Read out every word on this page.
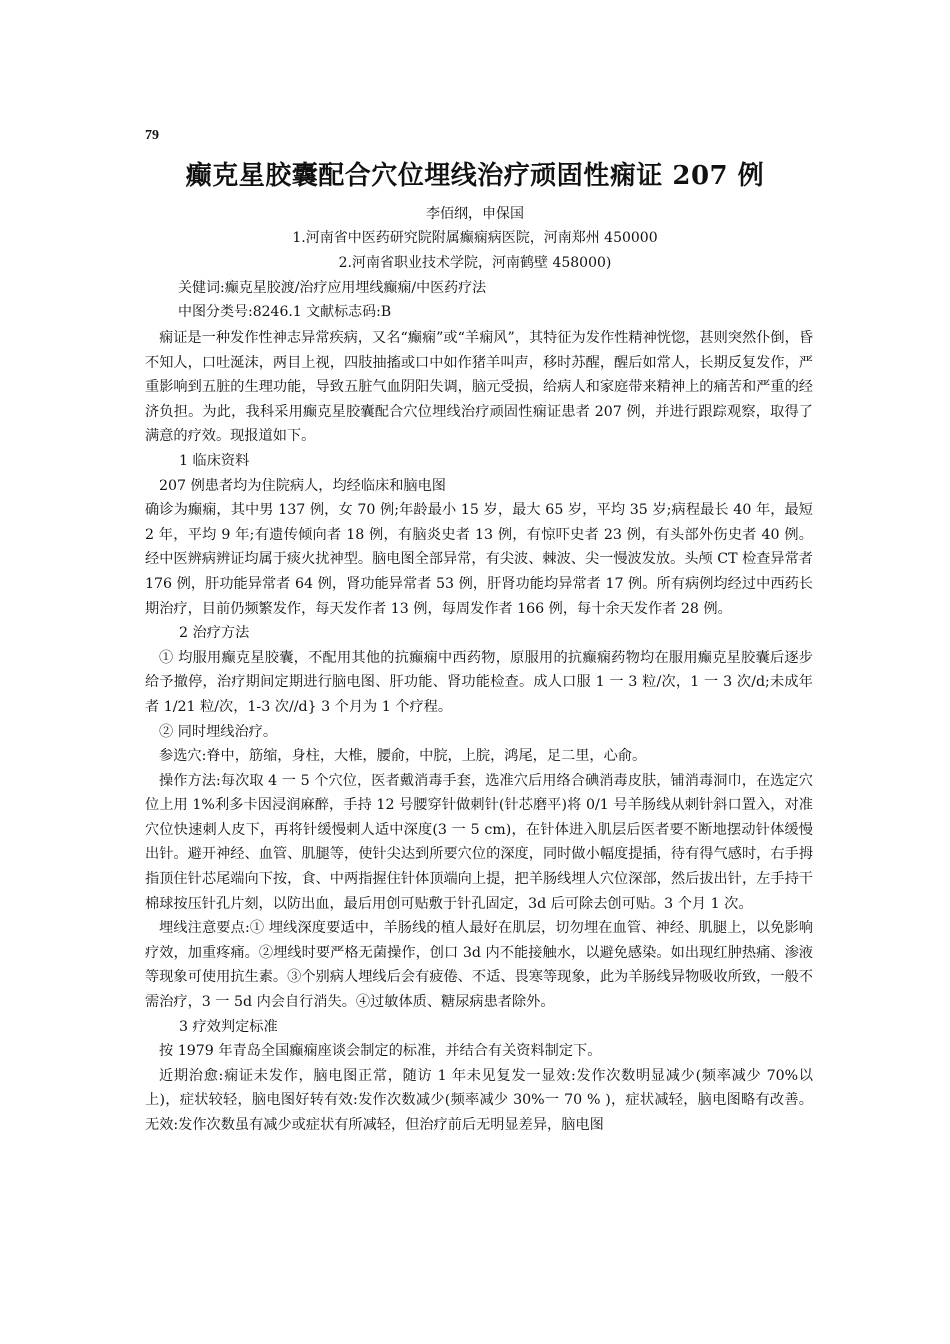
79
癫克星胶囊配合穴位埋线治疗顽固性痫证 207 例
李佰纲，申保国
1.河南省中医药研究院附属癫痫病医院，河南郑州 450000
2.河南省职业技术学院，河南鹤壁 458000)
关健词:癫克星胶渡/治疗应用埋线癫痫/中医药疗法
中图分类号:8246.1 文献标志码:B

痫证是一种发作性神志异常疾病，又名“癫痫”或“羊痫风”，其特征为发作性精神恍惚，甚则突然仆倒，昏不知人，口吐涎沫，两目上视，四肢抽搐或口中如作猪羊叫声，移时苏醒，醒后如常人，长期反复发作，严重影响到五脏的生理功能，导致五脏气血阴阳失调，脑元受损，给病人和家庭带来精神上的痛苦和严重的经济负担。为此，我科采用癫克星胶囊配合穴位埋线治疗顽固性痫证患者 207 例，并进行跟踪观察，取得了满意的疗效。现报道如下。

1 临床资料

207 例患者均为住院病人，均经临床和脑电图

确诊为癫痫，其中男 137 例，女 70 例;年龄最小 15 岁，最大 65 岁，平均 35 岁;病程最长 40 年，最短 2 年，平均 9 年;有遗传倾向者 18 例，有脑炎史者 13 例，有惊吓史者 23 例，有头部外伤史者 40 例。经中医辨病辨证均属于痰火扰神型。脑电图全部异常，有尖波、棘波、尖一慢波发放。头颅 CT 检查异常者 176 例，肝功能异常者 64 例，肾功能异常者 53 例，肝肾功能均异常者 17 例。所有病例均经过中西药长期治疗，目前仍频繁发作，每天发作者 13 例，每周发作者 166 例，每十余天发作者 28 例。

2 治疗方法

① 均服用癫克星胶囊，不配用其他的抗癫痫中西药物，原服用的抗癫痫药物均在服用癫克星胶囊后逐步给予撤停，治疗期间定期进行脑电图、肝功能、肾功能检查。成人口服 1 一 3 粒/次，1 一 3 次/d;未成年者 1/21 粒/次，1-3 次//d} 3 个月为 1 个疗程。

② 同时埋线治疗。

参选穴:脊中，筋缩，身柱，大椎，腰俞，中脘，上脘，鸿尾，足二里，心俞。

操作方法:每次取 4 一 5 个穴位，医者戴消毒手套，选准穴后用络合碘消毒皮肤，铺消毒洞巾，在选定穴位上用 1%利多卡因浸润麻醉，手持 12 号腰穿针做刺针(针芯磨平)将 0/1 号羊肠线从刺针斜口置入，对准穴位快速刺人皮下，再将针缓慢刺人适中深度(3 一 5 cm)，在针体进入肌层后医者要不断地摆动针体缓慢出针。避开神经、血管、肌腿等，使针尖达到所要穴位的深度，同时做小幅度提插，待有得气感时，右手拇指顶住针芯尾端向下按，食、中两指握住针体顶端向上提，把羊肠线埋人穴位深部，然后拔出针，左手持干棉球按压针孔片刻，以防出血，最后用创可贴敷于针孔固定，3d 后可除去创可贴。3 个月 1 次。

埋线注意要点:① 埋线深度要适中，羊肠线的植人最好在肌层，切勿埋在血管、神经、肌腿上，以免影响疗效，加重疼痛。②埋线时要严格无菌操作，创口 3d 内不能接触水，以避免感染。如出现红肿热痛、渗液等现象可使用抗生素。③个别病人埋线后会有疲倦、不适、畏寒等现象，此为羊肠线异物吸收所致，一般不需治疗，3 一 5d 内会自行消失。④过敏体质、糖尿病患者除外。

3 疗效判定标准

按 1979 年青岛全国癫痫座谈会制定的标准，并结合有关资料制定下。

近期治愈:痫证未发作，脑电图正常，随访 1 年未见复发一显效:发作次数明显减少(频率减少 70%以上)，症状较轻，脑电图好转有效:发作次数减少(频率减少 30%一 70 % )，症状减轻，脑电图略有改善。无效:发作次数虽有减少或症状有所减轻，但治疗前后无明显差异，脑电图
